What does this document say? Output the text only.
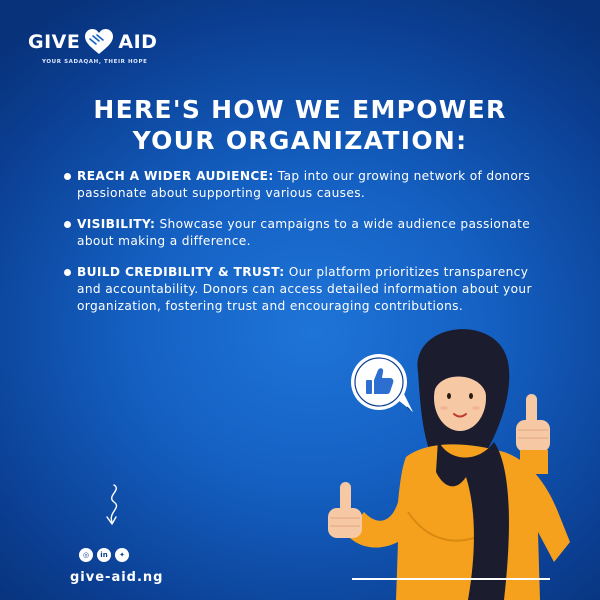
GIVE AID
YOUR SADAQAH, THEIR HOPE
HERE'S HOW WE EMPOWER
YOUR ORGANIZATION:
REACH A WIDER AUDIENCE: Tap into our growing network of donors passionate about supporting various causes.
VISIBILITY: Showcase your campaigns to a wide audience passionate about making a difference.
BUILD CREDIBILITY & TRUST: Our platform prioritizes transparency and accountability. Donors can access detailed information about your organization, fostering trust and encouraging contributions.
◎	in	✦
give-aid.ng
